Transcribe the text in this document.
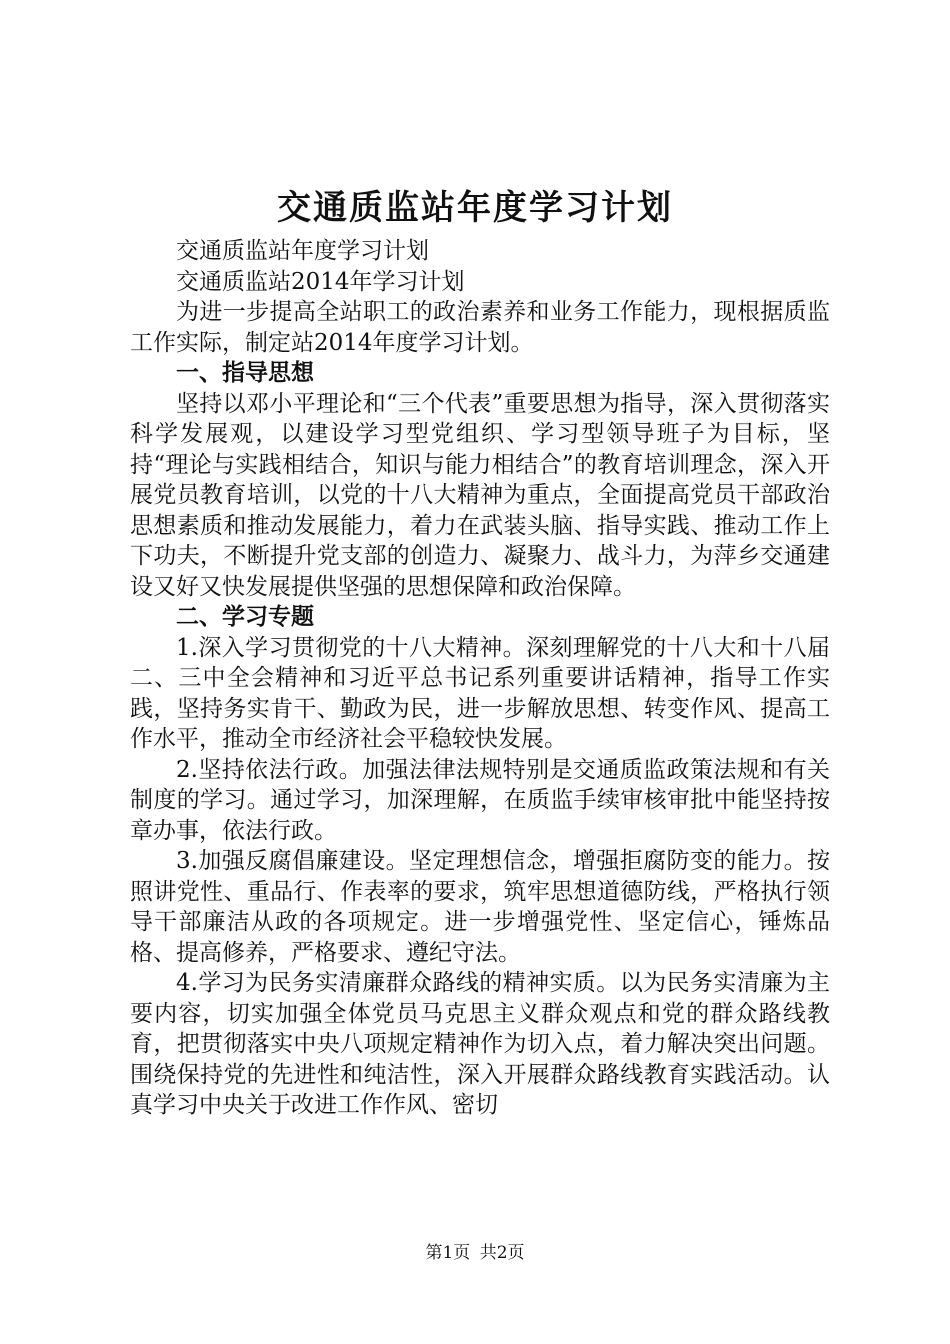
交通质监站年度学习计划

交通质监站年度学习计划

交通质监站2014年学习计划

为进一步提高全站职工的政治素养和业务工作能力，现根据质监工作实际，制定站2014年度学习计划。

一、指导思想

坚持以邓小平理论和“三个代表”重要思想为指导，深入贯彻落实科学发展观，以建设学习型党组织、学习型领导班子为目标，坚持“理论与实践相结合，知识与能力相结合”的教育培训理念，深入开展党员教育培训，以党的十八大精神为重点，全面提高党员干部政治思想素质和推动发展能力，着力在武装头脑、指导实践、推动工作上下功夫，不断提升党支部的创造力、凝聚力、战斗力，为萍乡交通建设又好又快发展提供坚强的思想保障和政治保障。

二、学习专题

1.深入学习贯彻党的十八大精神。深刻理解党的十八大和十八届二、三中全会精神和习近平总书记系列重要讲话精神，指导工作实践，坚持务实肯干、勤政为民，进一步解放思想、转变作风、提高工作水平，推动全市经济社会平稳较快发展。

2.坚持依法行政。加强法律法规特别是交通质监政策法规和有关制度的学习。通过学习，加深理解，在质监手续审核审批中能坚持按章办事，依法行政。

3.加强反腐倡廉建设。坚定理想信念，增强拒腐防变的能力。按照讲党性、重品行、作表率的要求，筑牢思想道德防线，严格执行领导干部廉洁从政的各项规定。进一步增强党性、坚定信心，锤炼品格、提高修养，严格要求、遵纪守法。

4.学习为民务实清廉群众路线的精神实质。以为民务实清廉为主要内容，切实加强全体党员马克思主义群众观点和党的群众路线教育，把贯彻落实中央八项规定精神作为切入点，着力解决突出问题。围绕保持党的先进性和纯洁性，深入开展群众路线教育实践活动。认真学习中央关于改进工作作风、密切

第1页 共2页
